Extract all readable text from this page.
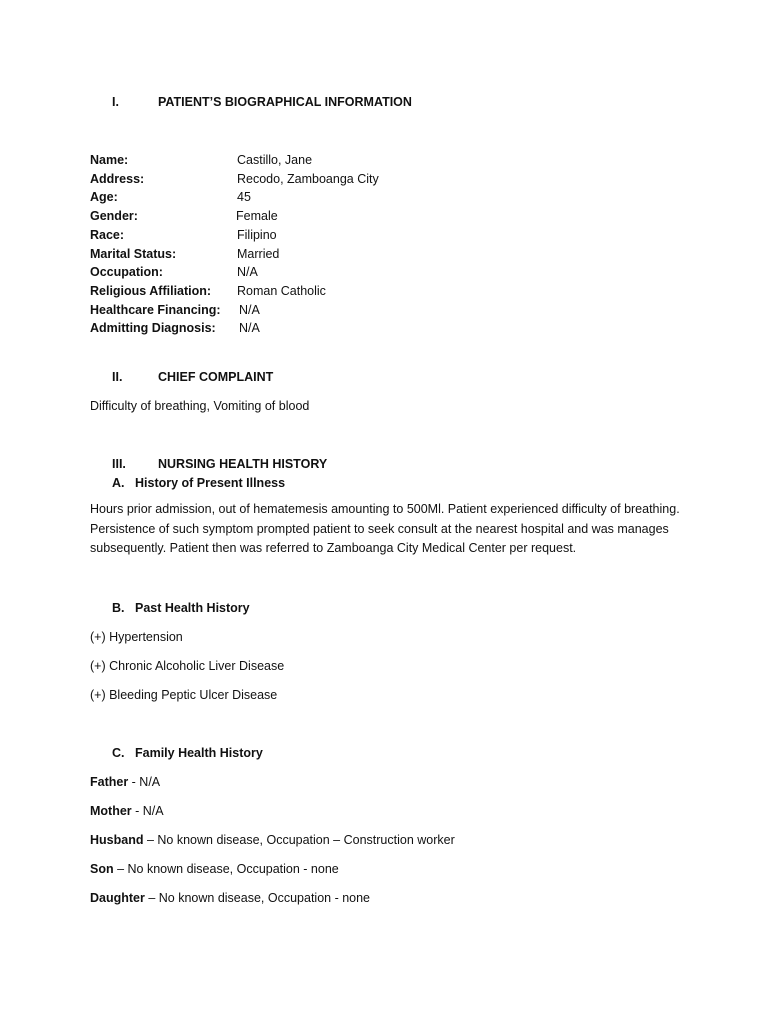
I.	PATIENT’S BIOGRAPHICAL INFORMATION
Name:	Castillo, Jane
Address:	Recodo, Zamboanga City
Age:	45
Gender:	Female
Race:	Filipino
Marital Status:	Married
Occupation:	N/A
Religious Affiliation: Roman Catholic
Healthcare Financing: N/A
Admitting Diagnosis: N/A
II.	CHIEF COMPLAINT
Difficulty of breathing, Vomiting of blood
III.	NURSING HEALTH HISTORY
A. History of Present Illness

Hours prior admission, out of hematemesis amounting to 500Ml. Patient experienced difficulty of breathing. Persistence of such symptom prompted patient to seek consult at the nearest hospital and was manages subsequently. Patient then was referred to Zamboanga City Medical Center per request.

B. Past Health History
(+) Hypertension
(+) Chronic Alcoholic Liver Disease
(+) Bleeding Peptic Ulcer Disease
C. Family Health History
Father - N/A
Mother - N/A
Husband – No known disease, Occupation – Construction worker
Son – No known disease, Occupation - none
Daughter – No known disease, Occupation - none
